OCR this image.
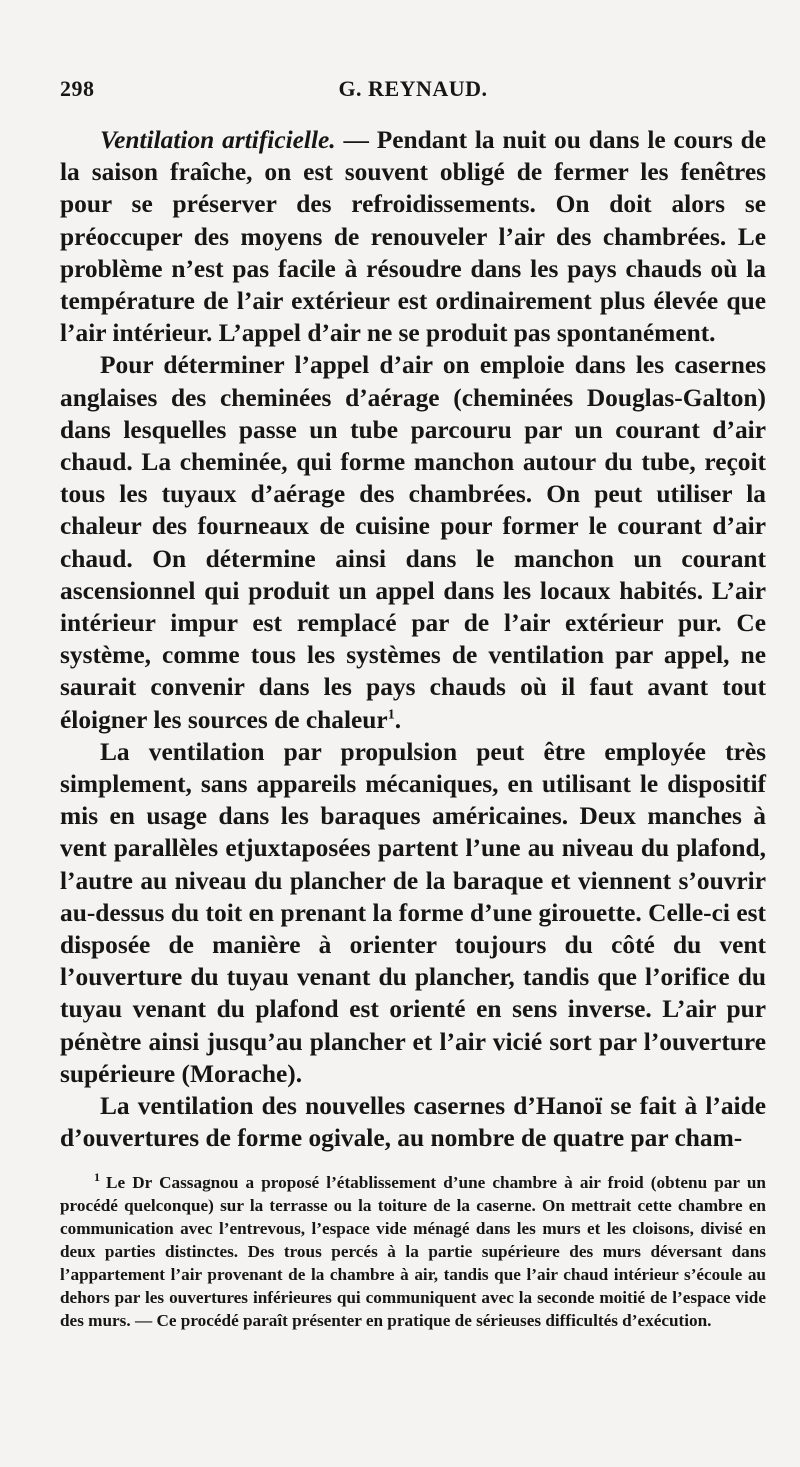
298	G. REYNAUD.

Ventilation artificielle. — Pendant la nuit ou dans le cours de la saison fraîche, on est souvent obligé de fermer les fenêtres pour se préserver des refroidissements. On doit alors se préoccuper des moyens de renouveler l’air des chambrées. Le problème n’est pas facile à résoudre dans les pays chauds où la température de l’air extérieur est ordinairement plus élevée que l’air intérieur. L’appel d’air ne se produit pas spontanément.

Pour déterminer l’appel d’air on emploie dans les casernes anglaises des cheminées d’aérage (cheminées Douglas-Galton) dans lesquelles passe un tube parcouru par un courant d’air chaud. La cheminée, qui forme manchon autour du tube, reçoit tous les tuyaux d’aérage des chambrées. On peut utiliser la chaleur des fourneaux de cuisine pour former le courant d’air chaud. On détermine ainsi dans le manchon un courant ascensionnel qui produit un appel dans les locaux habités. L’air intérieur impur est remplacé par de l’air extérieur pur. Ce système, comme tous les systèmes de ventilation par appel, ne saurait convenir dans les pays chauds où il faut avant tout éloigner les sources de chaleur$^1$.

La ventilation par propulsion peut être employée très simplement, sans appareils mécaniques, en utilisant le dispositif mis en usage dans les baraques américaines. Deux manches à vent parallèles etjuxtaposées partent l’une au niveau du plafond, l’autre au niveau du plancher de la baraque et viennent s’ouvrir au-dessus du toit en prenant la forme d’une girouette. Celle-ci est disposée de manière à orienter toujours du côté du vent l’ouverture du tuyau venant du plancher, tandis que l’orifice du tuyau venant du plafond est orienté en sens inverse. L’air pur pénètre ainsi jusqu’au plancher et l’air vicié sort par l’ouverture supérieure (Morache).

La ventilation des nouvelles casernes d’Hanoï se fait à l’aide d’ouvertures de forme ogivale, au nombre de quatre par cham-

$^1$ Le Dr Cassagnou a proposé l’établissement d’une chambre à air froid (obtenu par un procédé quelconque) sur la terrasse ou la toiture de la caserne. On mettrait cette chambre en communication avec l’entrevous, l’espace vide ménagé dans les murs et les cloisons, divisé en deux parties distinctes. Des trous percés à la partie supérieure des murs déversant dans l’appartement l’air provenant de la chambre à air, tandis que l’air chaud intérieur s’écoule au dehors par les ouvertures inférieures qui communiquent avec la seconde moitié de l’espace vide des murs. — Ce procédé paraît présenter en pratique de sérieuses difficultés d’exécution.
